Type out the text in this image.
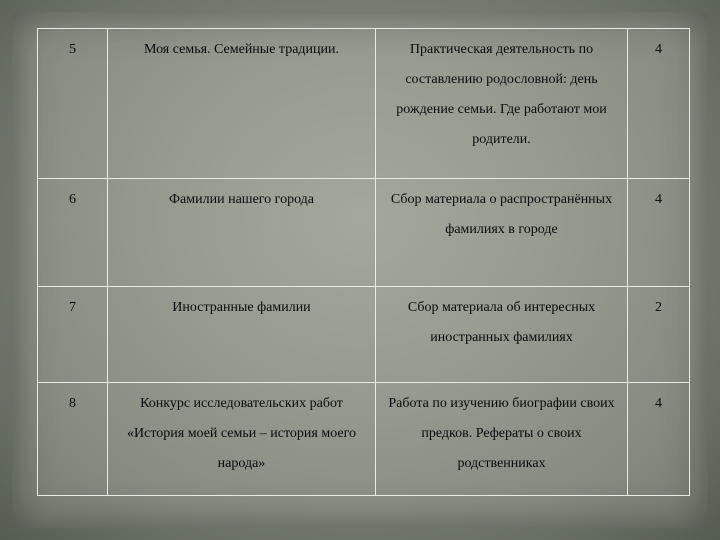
5	Моя семья. Семейные традиции.	Практическая деятельность по составлению родословной: день рождение семьи. Где работают мои родители.	4
6	Фамилии нашего города	Сбор материала о распространённых фамилиях в городе	4
7	Иностранные фамилии	Сбор материала об интересных иностранных фамилиях	2
8	Конкурс исследовательских работ «История моей семьи – история моего народа»	Работа по изучению биографии своих предков. Рефераты о своих родственниках	4
